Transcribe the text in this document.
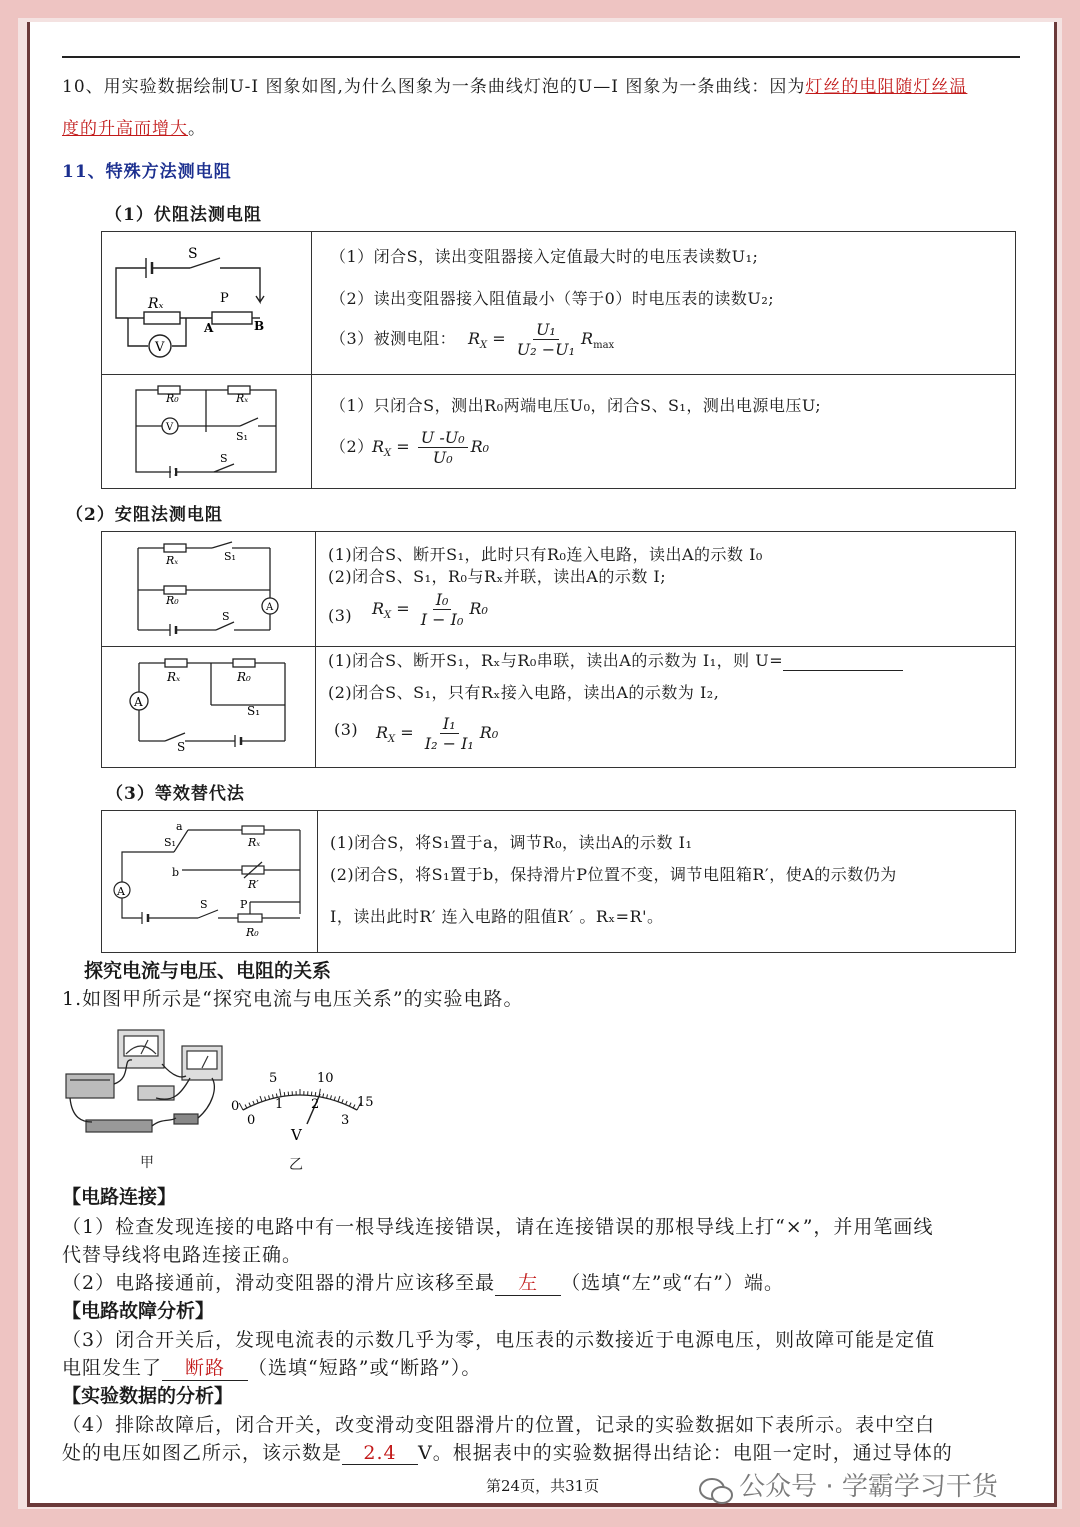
10、用实验数据绘制U-I 图象如图,为什么图象为一条曲线灯泡的U—I 图象为一条曲线：因为灯丝的电阻随灯丝温
度的升高而增大。
11、特殊方法测电阻
（1）伏阻法测电阻
S
Rₓ	P
A	B
V
（1）闭合S，读出变阻器接入定值最大时的电压表读数U₁;
（2）读出变阻器接入阻值最小（等于0）时电压表的读数U₂;
（3）被测电阻： $R_X = \frac{\text{U₁}}{\text{U₂ −U₁}} R_{max}$
R₀	Rₓ
V
S₁
S
（1）只闭合S，测出R₀两端电压U₀，闭合S、S₁，测出电源电压U;
（2）
$R_X = \frac{\text{U -U₀}}{\text{U₀}} R_0$
（2）安阻法测电阻
Rₓ	S₁
R₀
A
S
(1)闭合S、断开S₁，此时只有R₀连入电路，读出A的示数 I₀
(2)闭合S、S₁，R₀与Rₓ并联，读出A的示数 I;
(3) $R_X = \frac{\text{I₀}}{\text{I − I₀}} R_0$
A
Rₓ	R₀
S₁
S
(1)闭合S、断开S₁，Rₓ与R₀串联，读出A的示数为 I₁，则 U=
(2)闭合S、S₁，只有Rₓ接入电路，读出A的示数为 I₂,
(3) $R_X = \frac{\text{I₁}}{\text{I₂ − I₁}} R_0$
（3）等效替代法
a
S₁	Rₓ
b
R′
A
P
S
R₀
(1)闭合S，将S₁置于a，调节R₀，读出A的示数 I₁
(2)闭合S，将S₁置于b，保持滑片P位置不变，调节电阻箱R′，使A的示数仍为
I，读出此时R′ 连入电路的阻值R′ 。Rₓ=R'。
探究电流与电压、电阻的关系
1.如图甲所示是“探究电流与电压关系”的实验电路。
甲
0
5	10
15
0
1 2
3
V
乙
【电路连接】
（1）检查发现连接的电路中有一根导线连接错误，请在连接错误的那根导线上打“×”，并用笔画线
代替导线将电路连接正确。
（2）电路接通前，滑动变阻器的滑片应该移至最 左 （选填“左”或“右”）端。
【电路故障分析】
（3）闭合开关后，发现电流表的示数几乎为零，电压表的示数接近于电源电压，则故障可能是定值
电阻发生了 断路 （选填“短路”或“断路”）。
【实验数据的分析】
（4）排除故障后，闭合开关，改变滑动变阻器滑片的位置，记录的实验数据如下表所示。表中空白
处的电压如图乙所示，该示数是 2.4 V。根据表中的实验数据得出结论：电阻一定时，通过导体的
第24页，共31页	公众号 · 学霸学习干货
